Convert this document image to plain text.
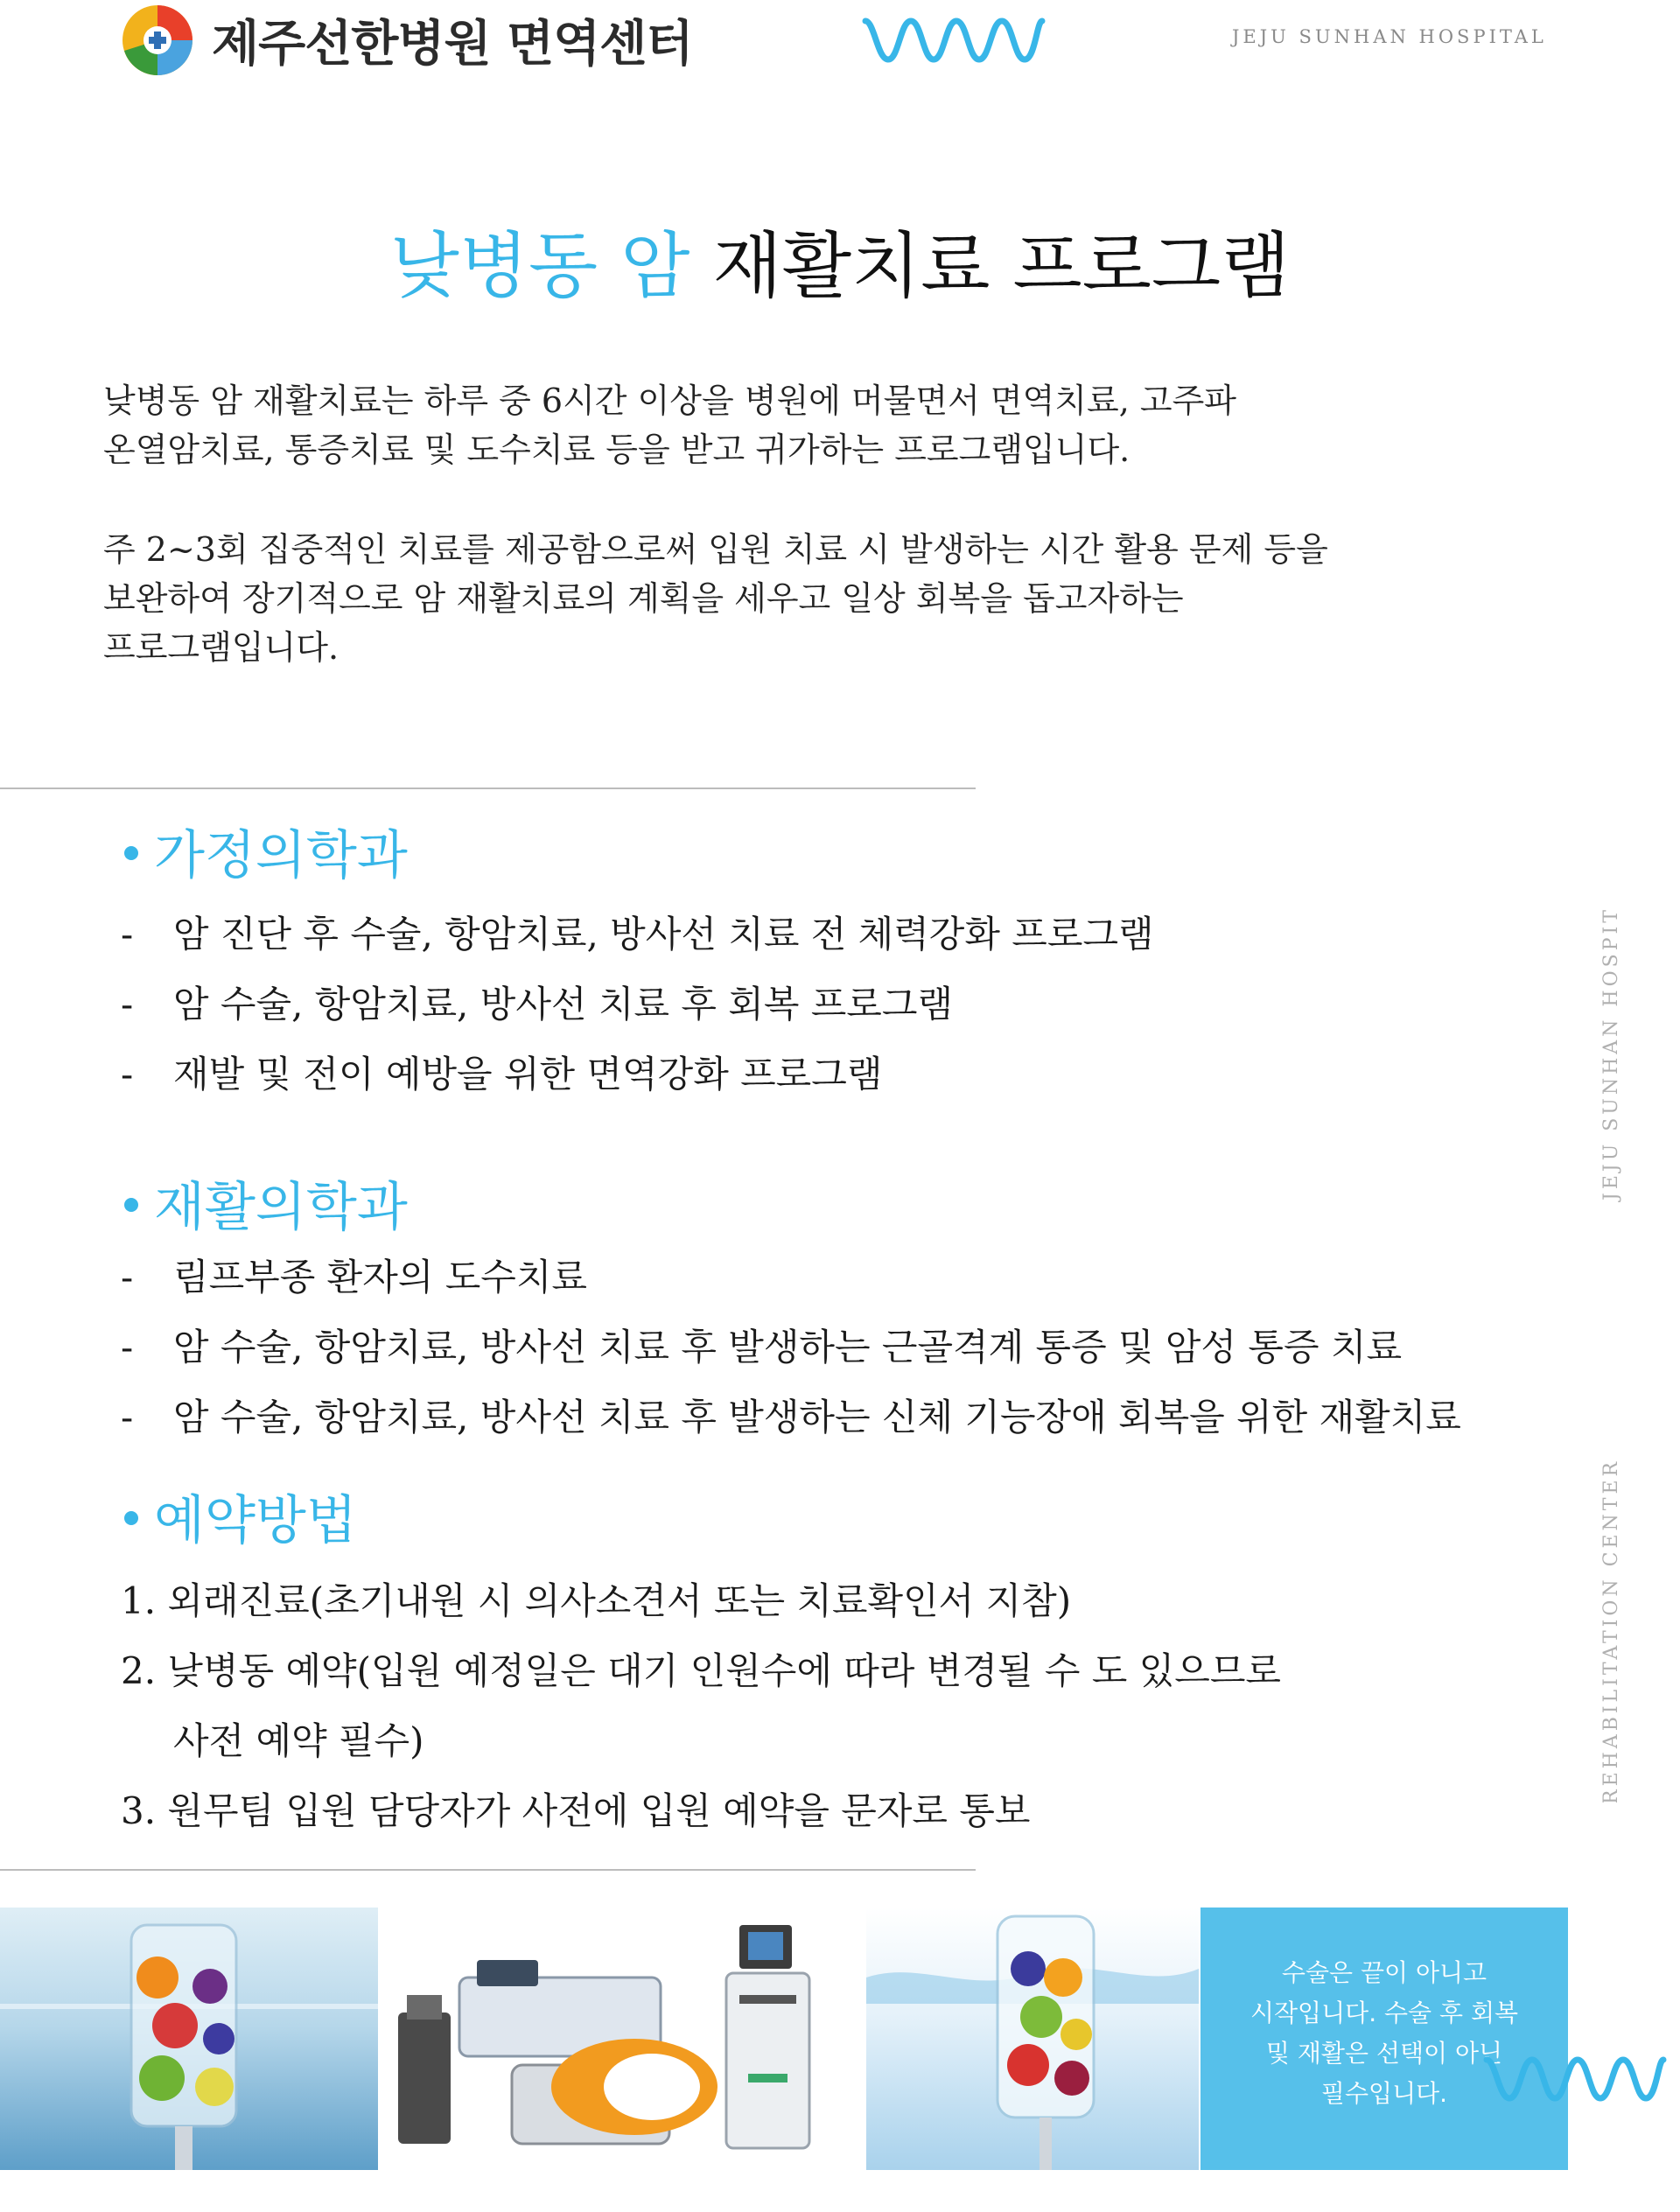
제주선한병원 면역센터	JEJU SUNHAN HOSPITAL
낮병동 암 재활치료 프로그램
낮병동 암 재활치료는 하루 중 6시간 이상을 병원에 머물면서 면역치료, 고주파
온열암치료, 통증치료 및 도수치료 등을 받고 귀가하는 프로그램입니다.
주 2~3회 집중적인 치료를 제공함으로써 입원 치료 시 발생하는 시간 활용 문제 등을
보완하여 장기적으로 암 재활치료의 계획을 세우고 일상 회복을 돕고자하는
프로그램입니다.
가정의학과
- 암 진단 후 수술, 항암치료, 방사선 치료 전 체력강화 프로그램
- 암 수술, 항암치료, 방사선 치료 후 회복 프로그램
- 재발 및 전이 예방을 위한 면역강화 프로그램
재활의학과
- 림프부종 환자의 도수치료
- 암 수술, 항암치료, 방사선 치료 후 발생하는 근골격계 통증 및 암성 통증 치료
- 암 수술, 항암치료, 방사선 치료 후 발생하는 신체 기능장애 회복을 위한 재활치료
예약방법
1. 외래진료(초기내원 시 의사소견서 또는 치료확인서 지참)
2. 낮병동 예약(입원 예정일은 대기 인원수에 따라 변경될 수 도 있으므로
사전 예약 필수)
3. 원무팀 입원 담당자가 사전에 입원 예약을 문자로 통보
JEJU SUNHAN HOSPITAL
REHABILITATION CENTER
수술은 끝이 아니고
시작입니다. 수술 후 회복
및 재활은 선택이 아닌
필수입니다.
